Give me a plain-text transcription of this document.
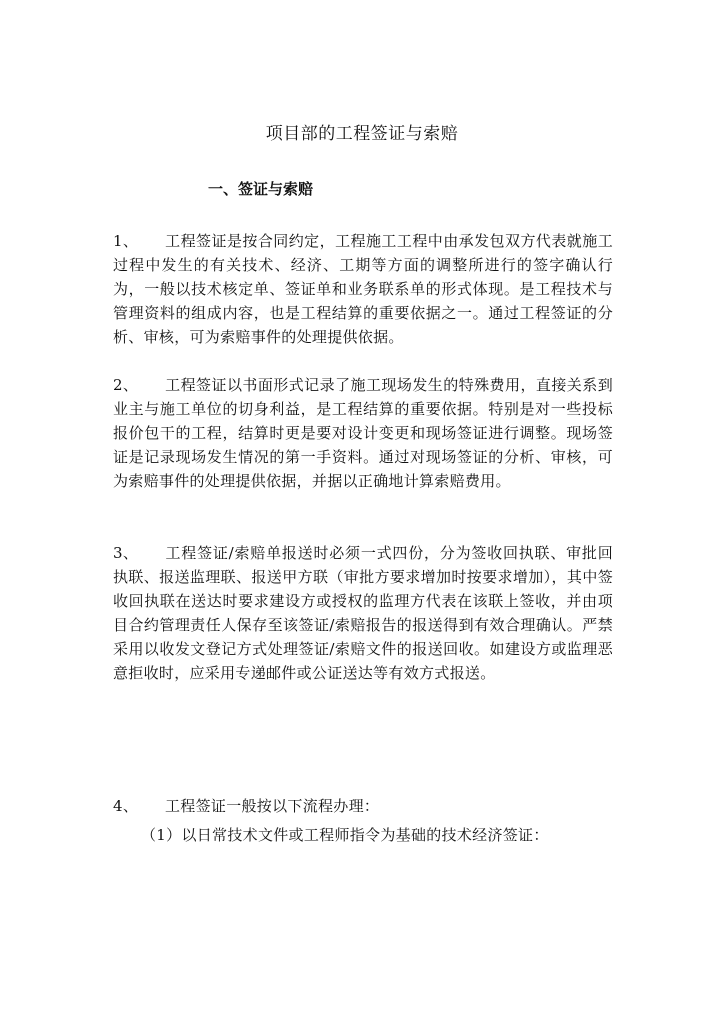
项目部的工程签证与索赔
一、签证与索赔
1、 工程签证是按合同约定，工程施工工程中由承发包双方代表就施工过程中发生的有关技术、经济、工期等方面的调整所进行的签字确认行为，一般以技术核定单、签证单和业务联系单的形式体现。是工程技术与管理资料的组成内容，也是工程结算的重要依据之一。通过工程签证的分析、审核，可为索赔事件的处理提供依据。
2、 工程签证以书面形式记录了施工现场发生的特殊费用，直接关系到业主与施工单位的切身利益，是工程结算的重要依据。特别是对一些投标报价包干的工程，结算时更是要对设计变更和现场签证进行调整。现场签证是记录现场发生情况的第一手资料。通过对现场签证的分析、审核，可为索赔事件的处理提供依据，并据以正确地计算索赔费用。
3、 工程签证/索赔单报送时必须一式四份，分为签收回执联、审批回执联、报送监理联、报送甲方联（审批方要求增加时按要求增加），其中签收回执联在送达时要求建设方或授权的监理方代表在该联上签收，并由项目合约管理责任人保存至该签证/索赔报告的报送得到有效合理确认。严禁采用以收发文登记方式处理签证/索赔文件的报送回收。如建设方或监理恶意拒收时，应采用专递邮件或公证送达等有效方式报送。
4、 工程签证一般按以下流程办理：
（1）以日常技术文件或工程师指令为基础的技术经济签证：
